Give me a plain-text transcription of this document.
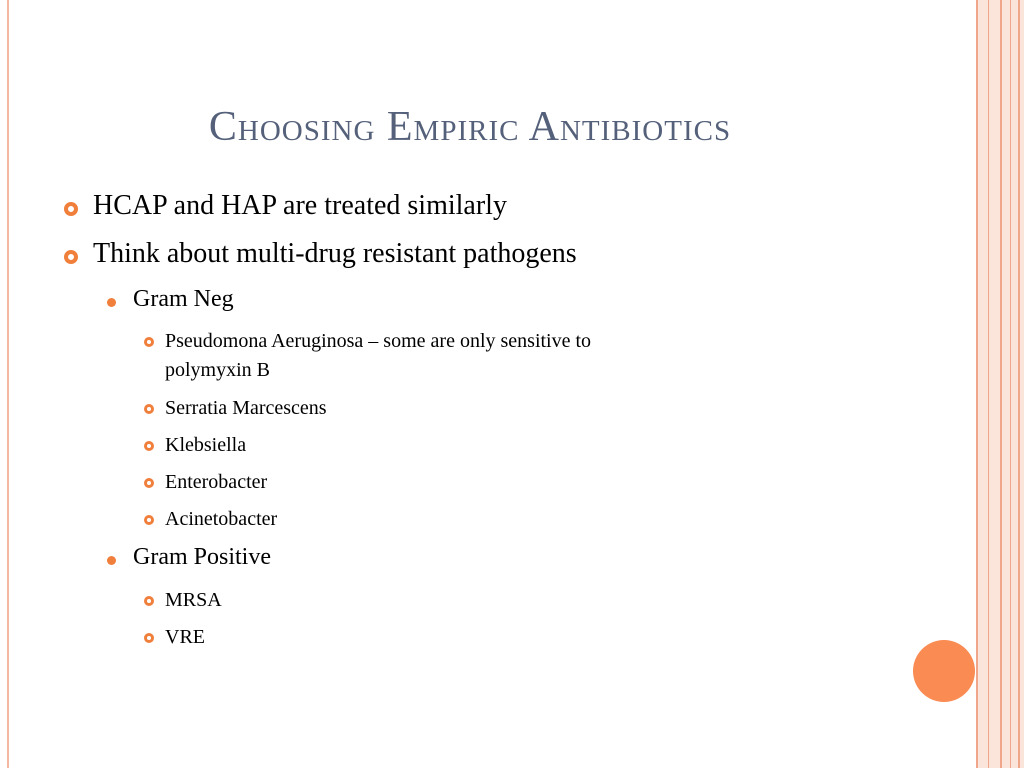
Choosing Empiric Antibiotics
HCAP and HAP are treated similarly
Think about multi-drug resistant pathogens
Gram Neg
Pseudomona Aeruginosa – some are only sensitive to
polymyxin B
Serratia Marcescens
Klebsiella
Enterobacter
Acinetobacter
Gram Positive
MRSA
VRE
